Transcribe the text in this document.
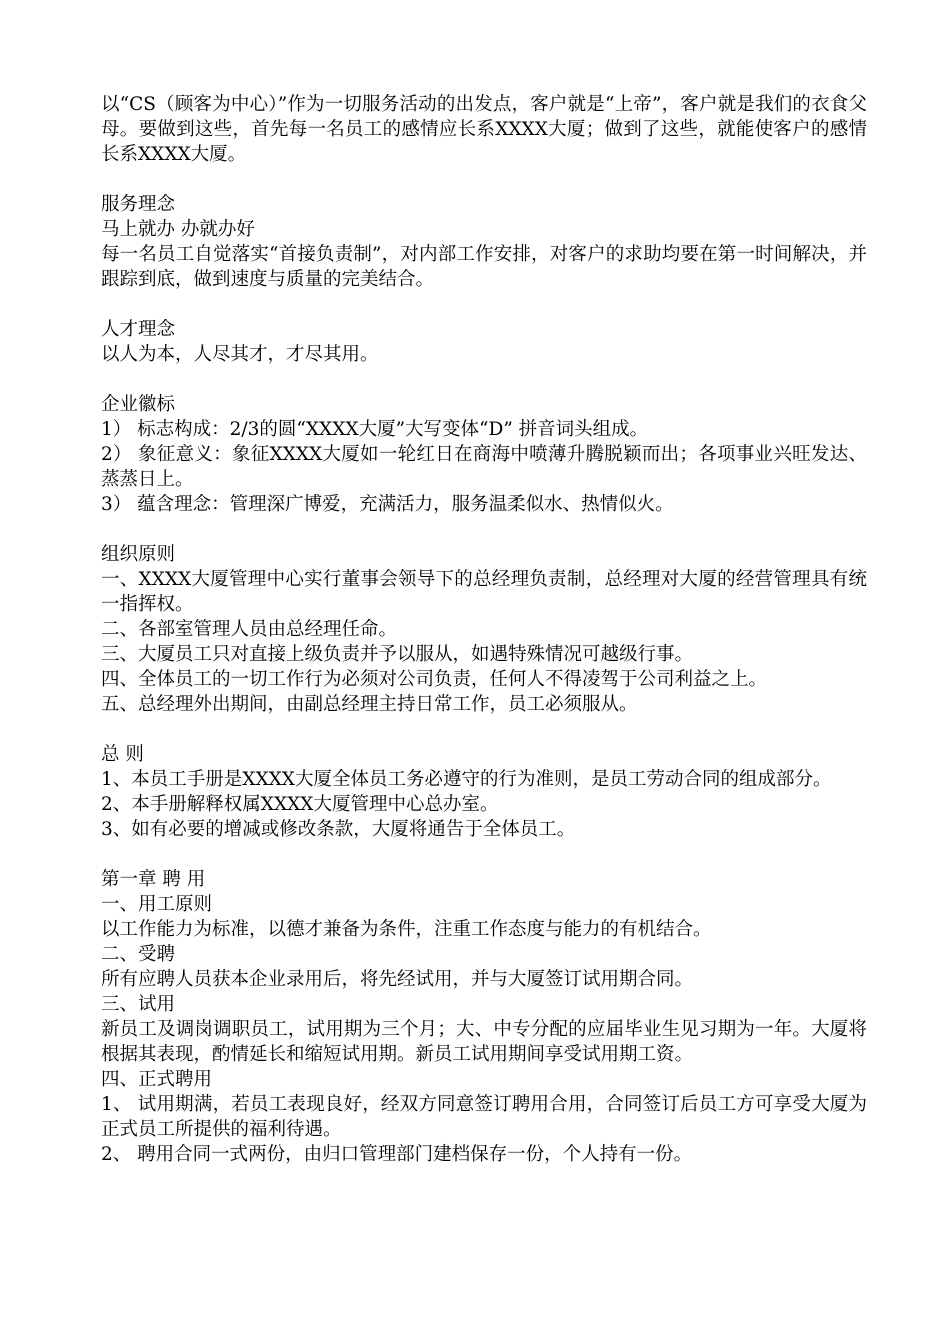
以“CS（顾客为中心）”作为一切服务活动的出发点，客户就是“上帝”，客户就是我们的衣食父母。要做到这些，首先每一名员工的感情应长系XXXX大厦；做到了这些，就能使客户的感情长系XXXX大厦。

服务理念

马上就办 办就办好

每一名员工自觉落实“首接负责制”，对内部工作安排，对客户的求助均要在第一时间解决，并跟踪到底，做到速度与质量的完美结合。

人才理念

以人为本，人尽其才，才尽其用。

企业徽标

1） 标志构成：2/3的圆“XXXX大厦”大写变体“D” 拼音词头组成。

2） 象征意义：象征XXXX大厦如一轮红日在商海中喷薄升腾脱颖而出；各项事业兴旺发达、蒸蒸日上。

3） 蕴含理念：管理深广博爱，充满活力，服务温柔似水、热情似火。

组织原则

一、XXXX大厦管理中心实行董事会领导下的总经理负责制，总经理对大厦的经营管理具有统一指挥权。

二、各部室管理人员由总经理任命。

三、大厦员工只对直接上级负责并予以服从，如遇特殊情况可越级行事。

四、全体员工的一切工作行为必须对公司负责，任何人不得凌驾于公司利益之上。

五、总经理外出期间，由副总经理主持日常工作，员工必须服从。

总 则

1、本员工手册是XXXX大厦全体员工务必遵守的行为准则，是员工劳动合同的组成部分。

2、本手册解释权属XXXX大厦管理中心总办室。

3、如有必要的增减或修改条款，大厦将通告于全体员工。

第一章 聘 用

一、用工原则

以工作能力为标准，以德才兼备为条件，注重工作态度与能力的有机结合。

二、受聘

所有应聘人员获本企业录用后，将先经试用，并与大厦签订试用期合同。

三、试用

新员工及调岗调职员工，试用期为三个月；大、中专分配的应届毕业生见习期为一年。大厦将根据其表现，酌情延长和缩短试用期。新员工试用期间享受试用期工资。

四、正式聘用

1、 试用期满，若员工表现良好，经双方同意签订聘用合用，合同签订后员工方可享受大厦为正式员工所提供的福利待遇。

2、 聘用合同一式两份，由归口管理部门建档保存一份，个人持有一份。
